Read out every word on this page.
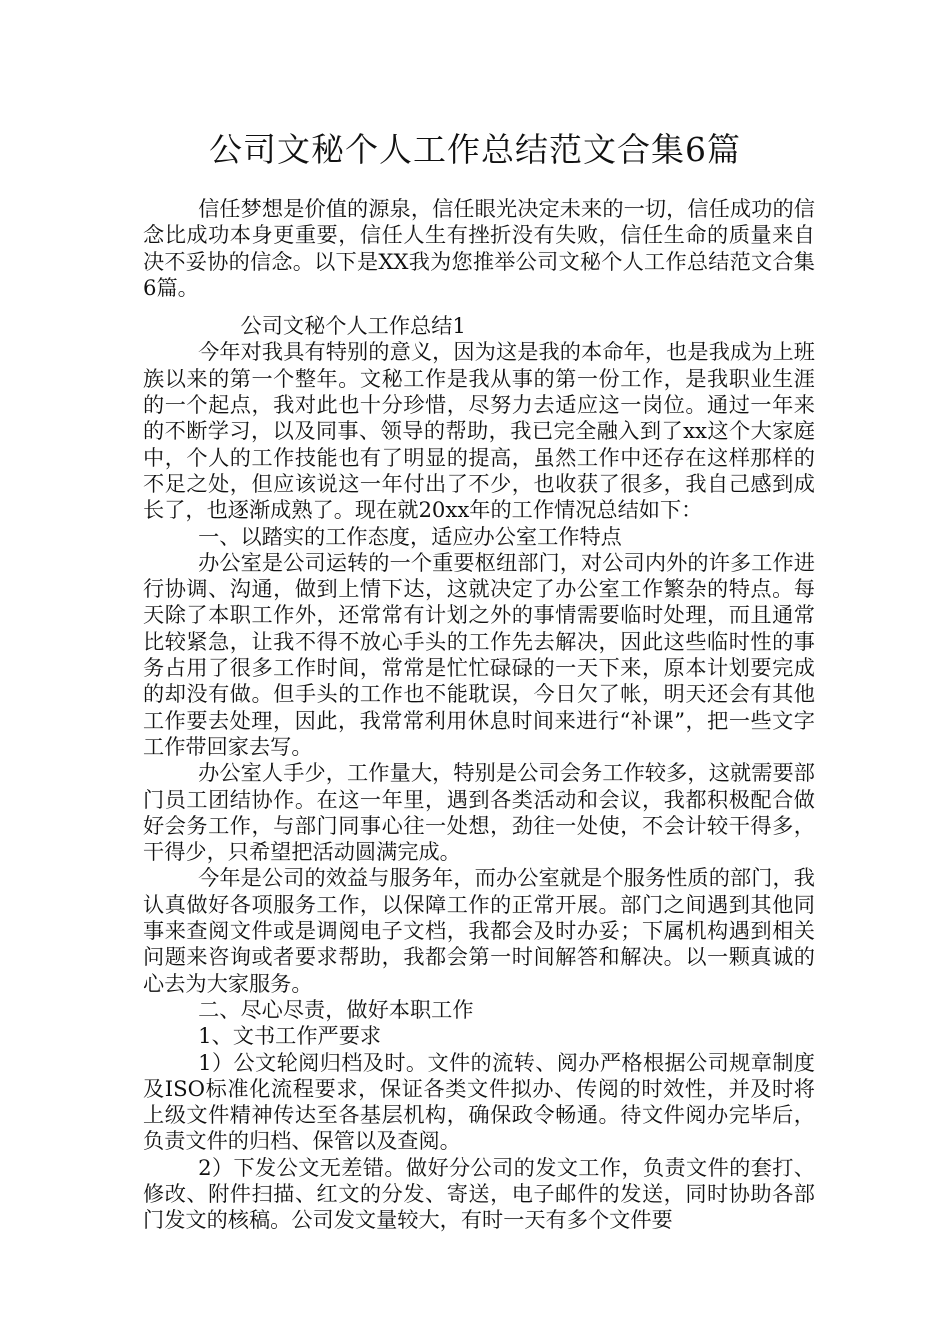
公司文秘个人工作总结范文合集6篇

信任梦想是价值的源泉，信任眼光决定未来的一切，信任成功的信念比成功本身更重要，信任人生有挫折没有失败，信任生命的质量来自决不妥协的信念。以下是XX我为您推举公司文秘个人工作总结范文合集6篇。

公司文秘个人工作总结1

今年对我具有特别的意义，因为这是我的本命年，也是我成为上班族以来的第一个整年。文秘工作是我从事的第一份工作，是我职业生涯的一个起点，我对此也十分珍惜，尽努力去适应这一岗位。通过一年来的不断学习，以及同事、领导的帮助，我已完全融入到了xx这个大家庭中，个人的工作技能也有了明显的提高，虽然工作中还存在这样那样的不足之处，但应该说这一年付出了不少，也收获了很多，我自己感到成长了，也逐渐成熟了。现在就20xx年的工作情况总结如下：

一、以踏实的工作态度，适应办公室工作特点

办公室是公司运转的一个重要枢纽部门，对公司内外的许多工作进行协调、沟通，做到上情下达，这就决定了办公室工作繁杂的特点。每天除了本职工作外，还常常有计划之外的事情需要临时处理，而且通常比较紧急，让我不得不放心手头的工作先去解决，因此这些临时性的事务占用了很多工作时间，常常是忙忙碌碌的一天下来，原本计划要完成的却没有做。但手头的工作也不能耽误，今日欠了帐，明天还会有其他工作要去处理，因此，我常常利用休息时间来进行“补课”，把一些文字工作带回家去写。

办公室人手少，工作量大，特别是公司会务工作较多，这就需要部门员工团结协作。在这一年里，遇到各类活动和会议，我都积极配合做好会务工作，与部门同事心往一处想，劲往一处使，不会计较干得多，干得少，只希望把活动圆满完成。

今年是公司的效益与服务年，而办公室就是个服务性质的部门，我认真做好各项服务工作，以保障工作的正常开展。部门之间遇到其他同事来查阅文件或是调阅电子文档，我都会及时办妥；下属机构遇到相关问题来咨询或者要求帮助，我都会第一时间解答和解决。以一颗真诚的心去为大家服务。

二、尽心尽责，做好本职工作

1、文书工作严要求

1）公文轮阅归档及时。文件的流转、阅办严格根据公司规章制度及ISO标准化流程要求，保证各类文件拟办、传阅的时效性，并及时将上级文件精神传达至各基层机构，确保政令畅通。待文件阅办完毕后，负责文件的归档、保管以及查阅。

2）下发公文无差错。做好分公司的发文工作，负责文件的套打、修改、附件扫描、红文的分发、寄送，电子邮件的发送，同时协助各部门发文的核稿。公司发文量较大，有时一天有多个文件要
